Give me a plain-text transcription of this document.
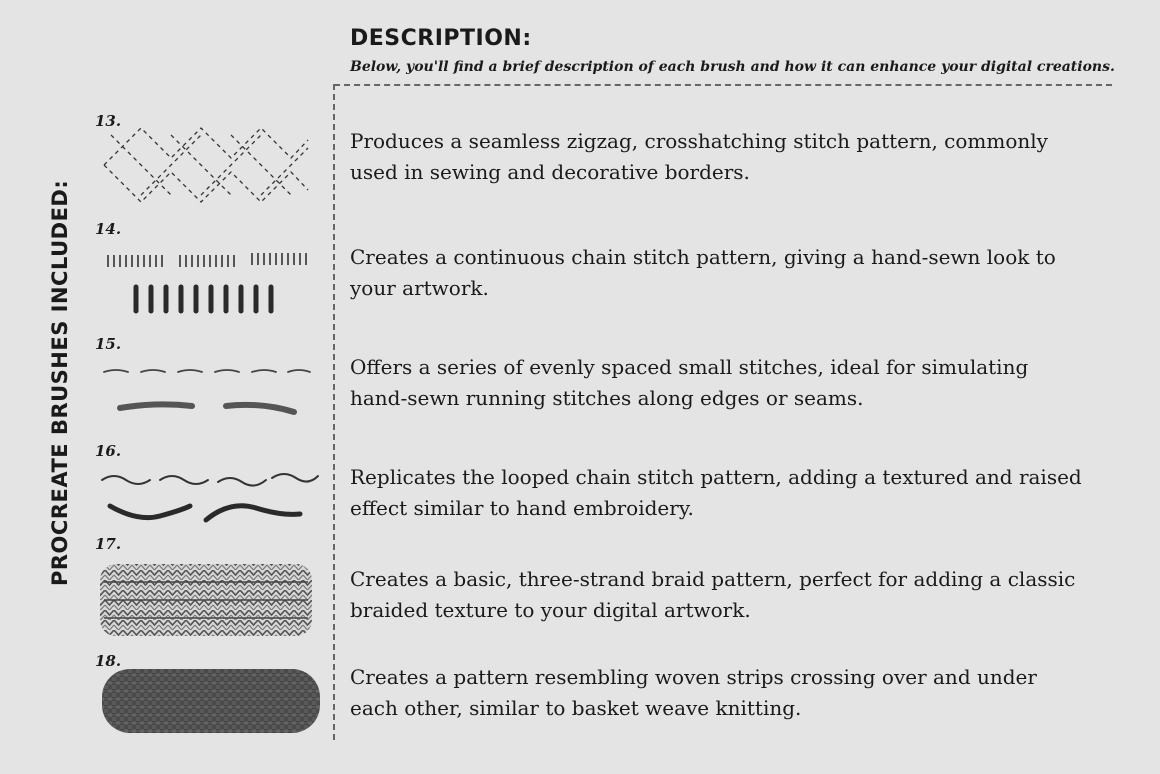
PROCREATE BRUSHES INCLUDED:
DESCRIPTION:
Below, you'll find a brief description of each brush and how it can enhance your digital creations.
13.
Produces a seamless zigzag, crosshatching stitch pattern, commonly used in sewing and decorative borders.
14.
Creates a continuous chain stitch pattern, giving a hand-sewn look to your artwork.
15.
Offers a series of evenly spaced small stitches, ideal for simulating hand-sewn running stitches along edges or seams.
16.
Replicates the looped chain stitch pattern, adding a textured and raised effect similar to hand embroidery.
17.
Creates a basic, three-strand braid pattern, perfect for adding a classic braided texture to your digital artwork.
18.
Creates a pattern resembling woven strips crossing over and under each other, similar to basket weave knitting.
